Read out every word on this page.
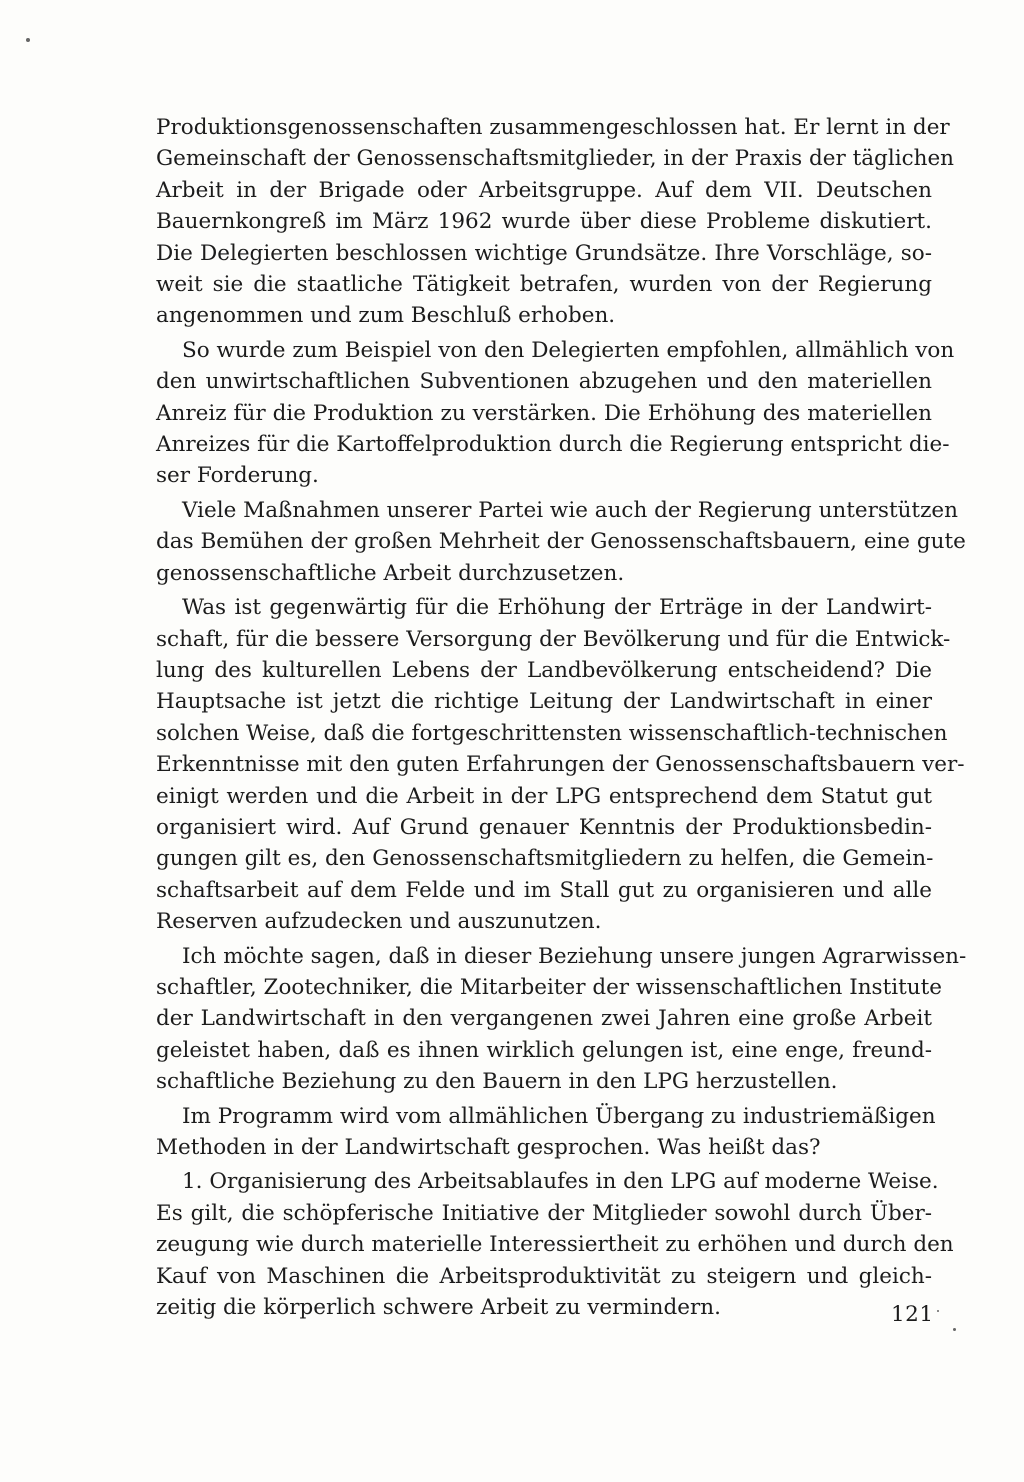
Produktionsgenossenschaften zusammengeschlossen hat. Er lernt in der
Gemeinschaft der Genossenschaftsmitglieder, in der Praxis der täglichen
Arbeit in der Brigade oder Arbeitsgruppe. Auf dem VII. Deutschen
Bauernkongreß im März 1962 wurde über diese Probleme diskutiert.
Die Delegierten beschlossen wichtige Grundsätze. Ihre Vorschläge, so-
weit sie die staatliche Tätigkeit betrafen, wurden von der Regierung
angenommen und zum Beschluß erhoben.
So wurde zum Beispiel von den Delegierten empfohlen, allmählich von
den unwirtschaftlichen Subventionen abzugehen und den materiellen
Anreiz für die Produktion zu verstärken. Die Erhöhung des materiellen
Anreizes für die Kartoffelproduktion durch die Regierung entspricht die-
ser Forderung.
Viele Maßnahmen unserer Partei wie auch der Regierung unterstützen
das Bemühen der großen Mehrheit der Genossenschaftsbauern, eine gute
genossenschaftliche Arbeit durchzusetzen.
Was ist gegenwärtig für die Erhöhung der Erträge in der Landwirt-
schaft, für die bessere Versorgung der Bevölkerung und für die Entwick-
lung des kulturellen Lebens der Landbevölkerung entscheidend? Die
Hauptsache ist jetzt die richtige Leitung der Landwirtschaft in einer
solchen Weise, daß die fortgeschrittensten wissenschaftlich-technischen
Erkenntnisse mit den guten Erfahrungen der Genossenschaftsbauern ver-
einigt werden und die Arbeit in der LPG entsprechend dem Statut gut
organisiert wird. Auf Grund genauer Kenntnis der Produktionsbedin-
gungen gilt es, den Genossenschaftsmitgliedern zu helfen, die Gemein-
schaftsarbeit auf dem Felde und im Stall gut zu organisieren und alle
Reserven aufzudecken und auszunutzen.
Ich möchte sagen, daß in dieser Beziehung unsere jungen Agrarwissen-
schaftler, Zootechniker, die Mitarbeiter der wissenschaftlichen Institute
der Landwirtschaft in den vergangenen zwei Jahren eine große Arbeit
geleistet haben, daß es ihnen wirklich gelungen ist, eine enge, freund-
schaftliche Beziehung zu den Bauern in den LPG herzustellen.
Im Programm wird vom allmählichen Übergang zu industriemäßigen
Methoden in der Landwirtschaft gesprochen. Was heißt das?
1. Organisierung des Arbeitsablaufes in den LPG auf moderne Weise.
Es gilt, die schöpferische Initiative der Mitglieder sowohl durch Über-
zeugung wie durch materielle Interessiertheit zu erhöhen und durch den
Kauf von Maschinen die Arbeitsproduktivität zu steigern und gleich-
zeitig die körperlich schwere Arbeit zu vermindern.	121
